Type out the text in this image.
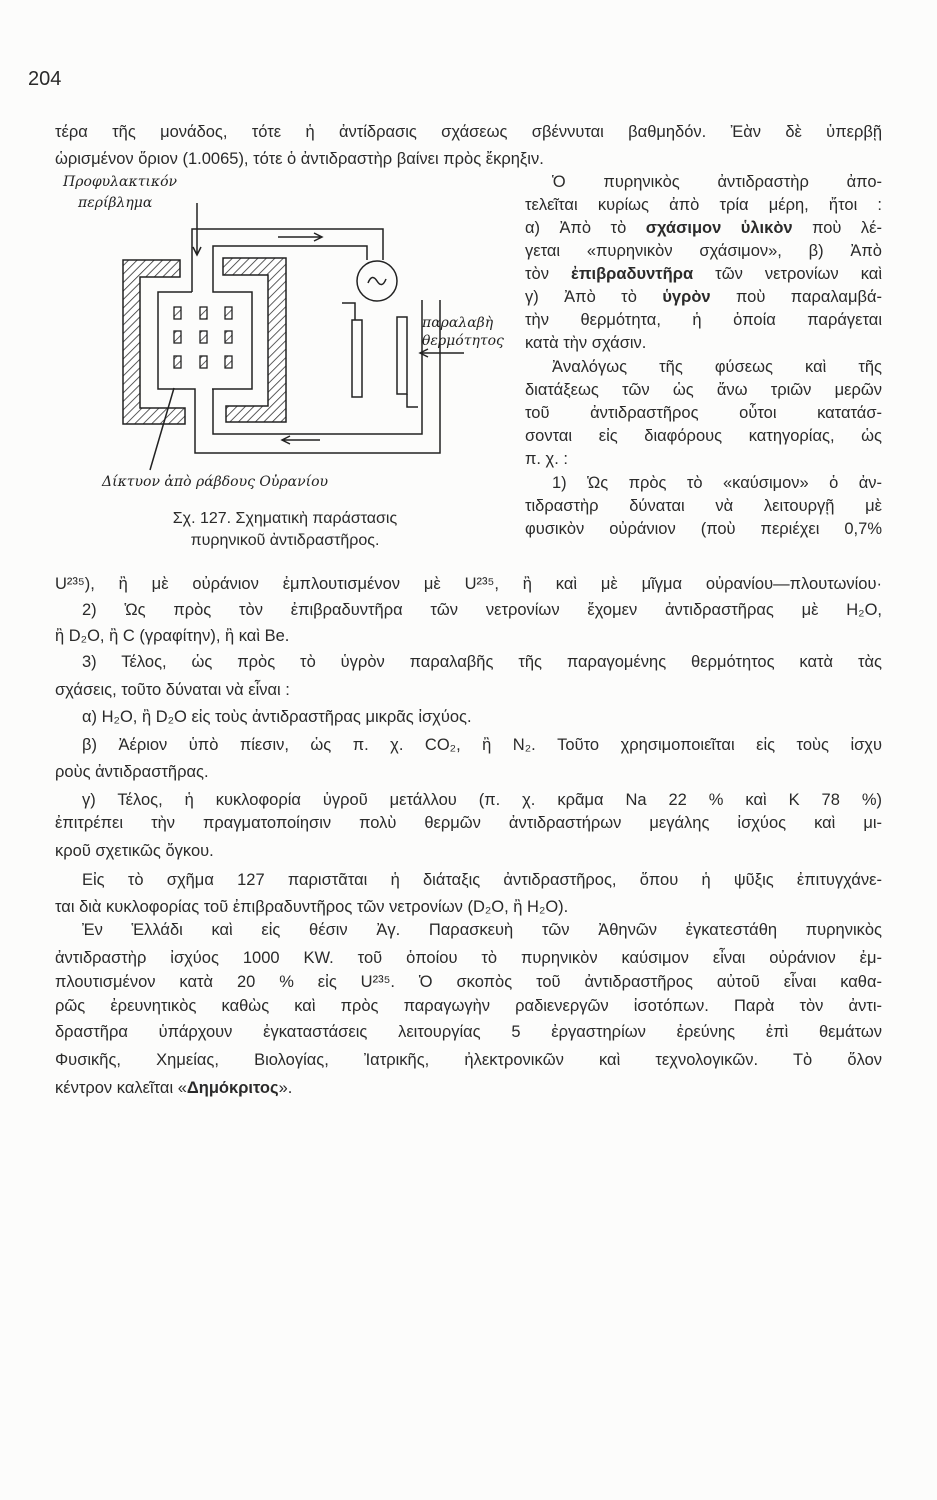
204
Προφυλακτικόν
περίβλημα
παραλαβὴ
θερμότητος
Δίκτυον ἀπὸ ράβδους Οὐρανίου
Σχ. 127. Σχηματικὴ παράστασις
πυρηνικοῦ ἀντιδραστῆρος.
τέρα τῆς μονάδος, τότε ἡ ἀντίδρασις σχάσεως σβέννυται βαθμηδόν. Ἐὰν δὲ ὑπερβῇ
ὡρισμένον ὅριον (1.0065), τότε ὁ ἀντιδραστὴρ βαίνει πρὸς ἔκρηξιν.
Ὁ πυρηνικὸς ἀντιδραστὴρ ἀπο-
τελεῖται κυρίως ἀπὸ τρία μέρη, ἤτοι :
α) Ἀπὸ τὸ σχάσιμον ὑλικὸν ποὺ λέ-
γεται «πυρηνικὸν σχάσιμον», β) Ἀπὸ
τὸν ἐπιβραδυντῆρα τῶν νετρονίων καὶ
γ) Ἀπὸ τὸ ὑγρὸν ποὺ παραλαμβά-
τὴν θερμότητα, ἡ ὁποία παράγεται
κατὰ τὴν σχάσιν.
Ἀναλόγως τῆς φύσεως καὶ τῆς
διατάξεως τῶν ὡς ἄνω τριῶν μερῶν
τοῦ ἀντιδραστῆρος οὗτοι κατατάσ-
σονται εἰς διαφόρους κατηγορίας, ὡς
π. χ. :
1) Ὡς πρὸς τὸ «καύσιμον» ὁ ἀν-
τιδραστὴρ δύναται νὰ λειτουργῇ μὲ
φυσικὸν οὐράνιον (ποὺ περιέχει 0,7%
U²³⁵), ἢ μὲ οὐράνιον ἐμπλουτισμένον μὲ U²³⁵, ἢ καὶ μὲ μῖγμα οὐρανίου—πλουτωνίου·
2) Ὡς πρὸς τὸν ἐπιβραδυντῆρα τῶν νετρονίων ἔχομεν ἀντιδραστῆρας μὲ H₂O,
ἢ D₂O, ἢ C (γραφίτην), ἢ καὶ Be.
3) Τέλος, ὡς πρὸς τὸ ὑγρὸν παραλαβῆς τῆς παραγομένης θερμότητος κατὰ τὰς
σχάσεις, τοῦτο δύναται νὰ εἶναι :
α) H₂O, ἢ D₂O εἰς τοὺς ἀντιδραστῆρας μικρᾶς ἰσχύος.
β) Ἀέριον ὑπὸ πίεσιν, ὡς π. χ. CO₂, ἢ N₂. Τοῦτο χρησιμοποιεῖται εἰς τοὺς ἰσχυ
ροὺς ἀντιδραστῆρας.
γ) Τέλος, ἡ κυκλοφορία ὑγροῦ μετάλλου (π. χ. κρᾶμα Na 22 % καὶ K 78 %)
ἐπιτρέπει τὴν πραγματοποίησιν πολὺ θερμῶν ἀντιδραστήρων μεγάλης ἰσχύος καὶ μι-
κροῦ σχετικῶς ὄγκου.
Εἰς τὸ σχῆμα 127 παριστᾶται ἡ διάταξις ἀντιδραστῆρος, ὅπου ἡ ψῦξις ἐπιτυγχάνε-
ται διὰ κυκλοφορίας τοῦ ἐπιβραδυντῆρος τῶν νετρονίων (D₂O, ἢ H₂O).
Ἐν Ἑλλάδι καὶ εἰς θέσιν Ἀγ. Παρασκευὴ τῶν Ἀθηνῶν ἐγκατεστάθη πυρηνικὸς
ἀντιδραστὴρ ἰσχύος 1000 KW. τοῦ ὁποίου τὸ πυρηνικὸν καύσιμον εἶναι οὐράνιον ἐμ-
πλουτισμένον κατὰ 20 % εἰς U²³⁵. Ὁ σκοπὸς τοῦ ἀντιδραστῆρος αὐτοῦ εἶναι καθα-
ρῶς ἐρευνητικὸς καθὼς καὶ πρὸς παραγωγὴν ραδιενεργῶν ἰσοτόπων. Παρὰ τὸν ἀντι-
δραστῆρα ὑπάρχουν ἐγκαταστάσεις λειτουργίας 5 ἐργαστηρίων ἐρεύνης ἐπὶ θεμάτων
Φυσικῆς, Χημείας, Βιολογίας, Ἰατρικῆς, ἠλεκτρονικῶν καὶ τεχνολογικῶν. Τὸ ὅλον
κέντρον καλεῖται «Δημόκριτος».
